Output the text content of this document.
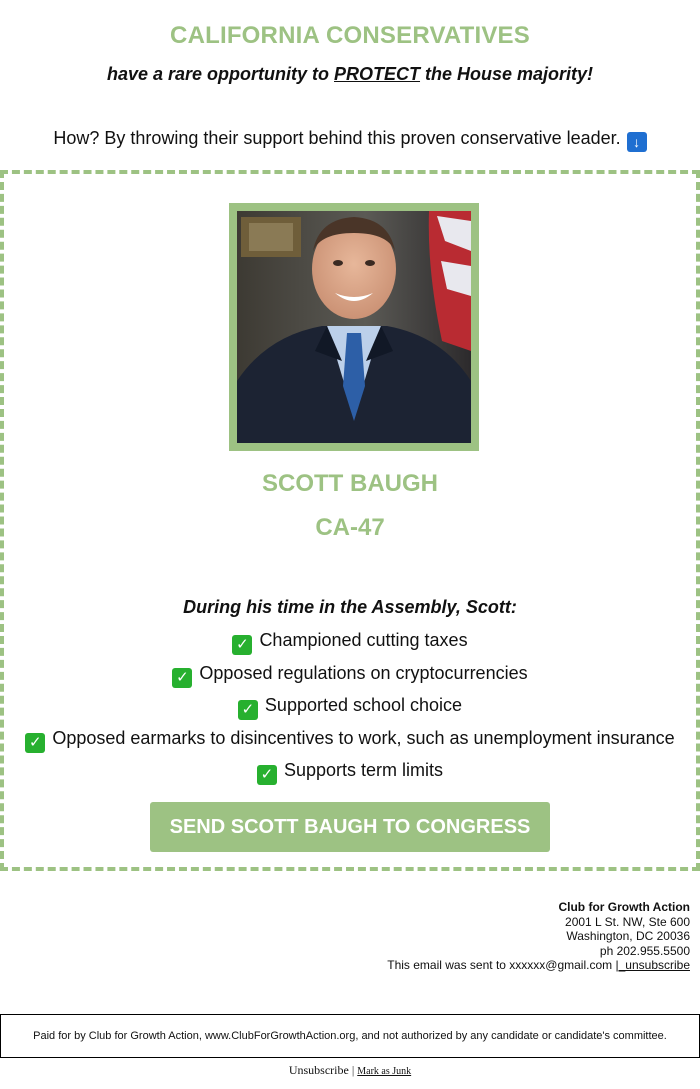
CALIFORNIA CONSERVATIVES
have a rare opportunity to PROTECT the House majority!
How? By throwing their support behind this proven conservative leader. ↓
SCOTT BAUGH
CA-47
During his time in the Assembly, Scott:
✓ Championed cutting taxes
✓ Opposed regulations on cryptocurrencies
✓ Supported school choice
✓ Opposed earmarks to disincentives to work, such as unemployment insurance
✓ Supports term limits
SEND SCOTT BAUGH TO CONGRESS
Club for Growth Action
2001 L St. NW, Ste 600
Washington, DC 20036
ph 202.955.5500
This email was sent to xxxxxx@gmail.com |_unsubscribe
Paid for by Club for Growth Action, www.ClubForGrowthAction.org, and not authorized by any candidate or candidate's committee.
Unsubscribe | Mark as Junk
